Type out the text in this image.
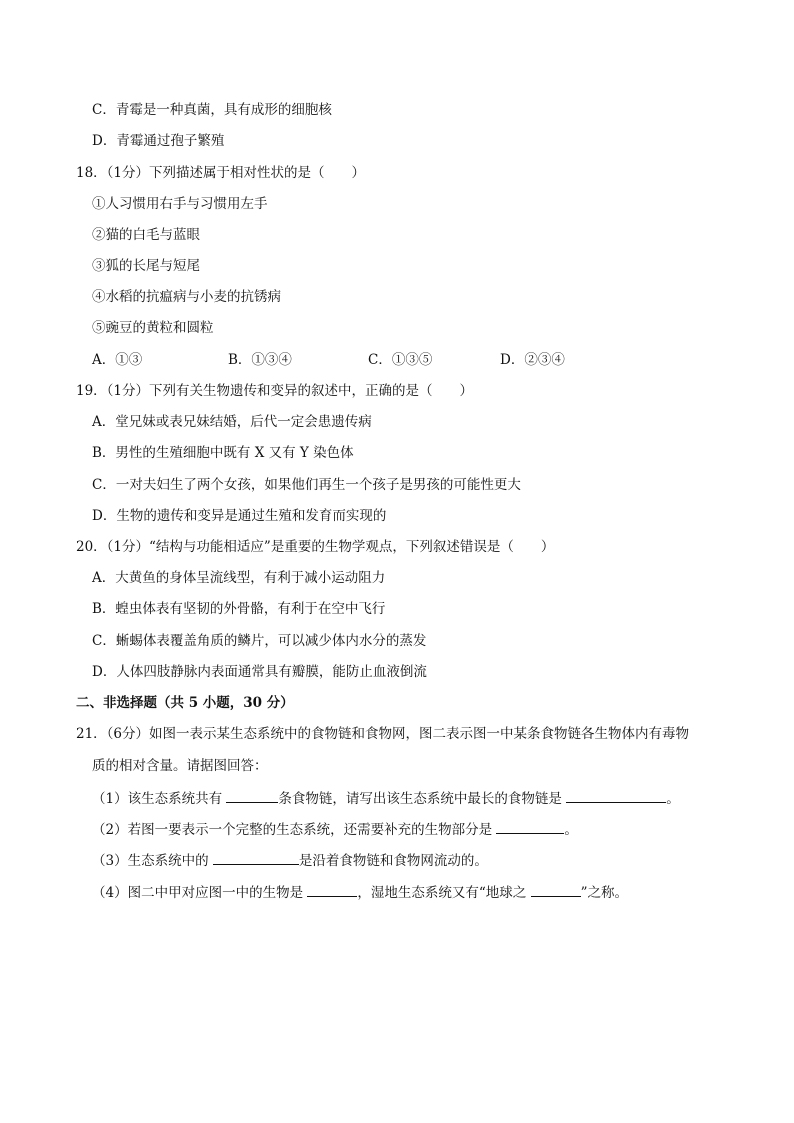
C．青霉是一种真菌，具有成形的细胞核
D．青霉通过孢子繁殖
18．（1分）下列描述属于相对性状的是（　　）
①人习惯用右手与习惯用左手
②猫的白毛与蓝眼
③狐的长尾与短尾
④水稻的抗瘟病与小麦的抗锈病
⑤豌豆的黄粒和圆粒
A．①③	B．①③④	C．①③⑤	D．②③④
19．（1分）下列有关生物遗传和变异的叙述中，正确的是（　　）
A．堂兄妹或表兄妹结婚，后代一定会患遗传病
B．男性的生殖细胞中既有 X 又有 Y 染色体
C．一对夫妇生了两个女孩，如果他们再生一个孩子是男孩的可能性更大
D．生物的遗传和变异是通过生殖和发育而实现的
20．（1分）“结构与功能相适应”是重要的生物学观点，下列叙述错误是（　　）
A．大黄鱼的身体呈流线型，有利于减小运动阻力
B．蝗虫体表有坚韧的外骨骼，有利于在空中飞行
C．蜥蜴体表覆盖角质的鳞片，可以减少体内水分的蒸发
D．人体四肢静脉内表面通常具有瓣膜，能防止血液倒流
二、非选择题（共 5 小题，30 分）
21．（6分）如图一表示某生态系统中的食物链和食物网，图二表示图一中某条食物链各生物体内有毒物
质的相对含量。请据图回答：
（1）该生态系统共有	条食物链，请写出该生态系统中最长的食物链是	。
（2）若图一要表示一个完整的生态系统，还需要补充的生物部分是	。
（3）生态系统中的	是沿着食物链和食物网流动的。
（4）图二中甲对应图一中的生物是	，湿地生态系统又有“地球之	”之称。
